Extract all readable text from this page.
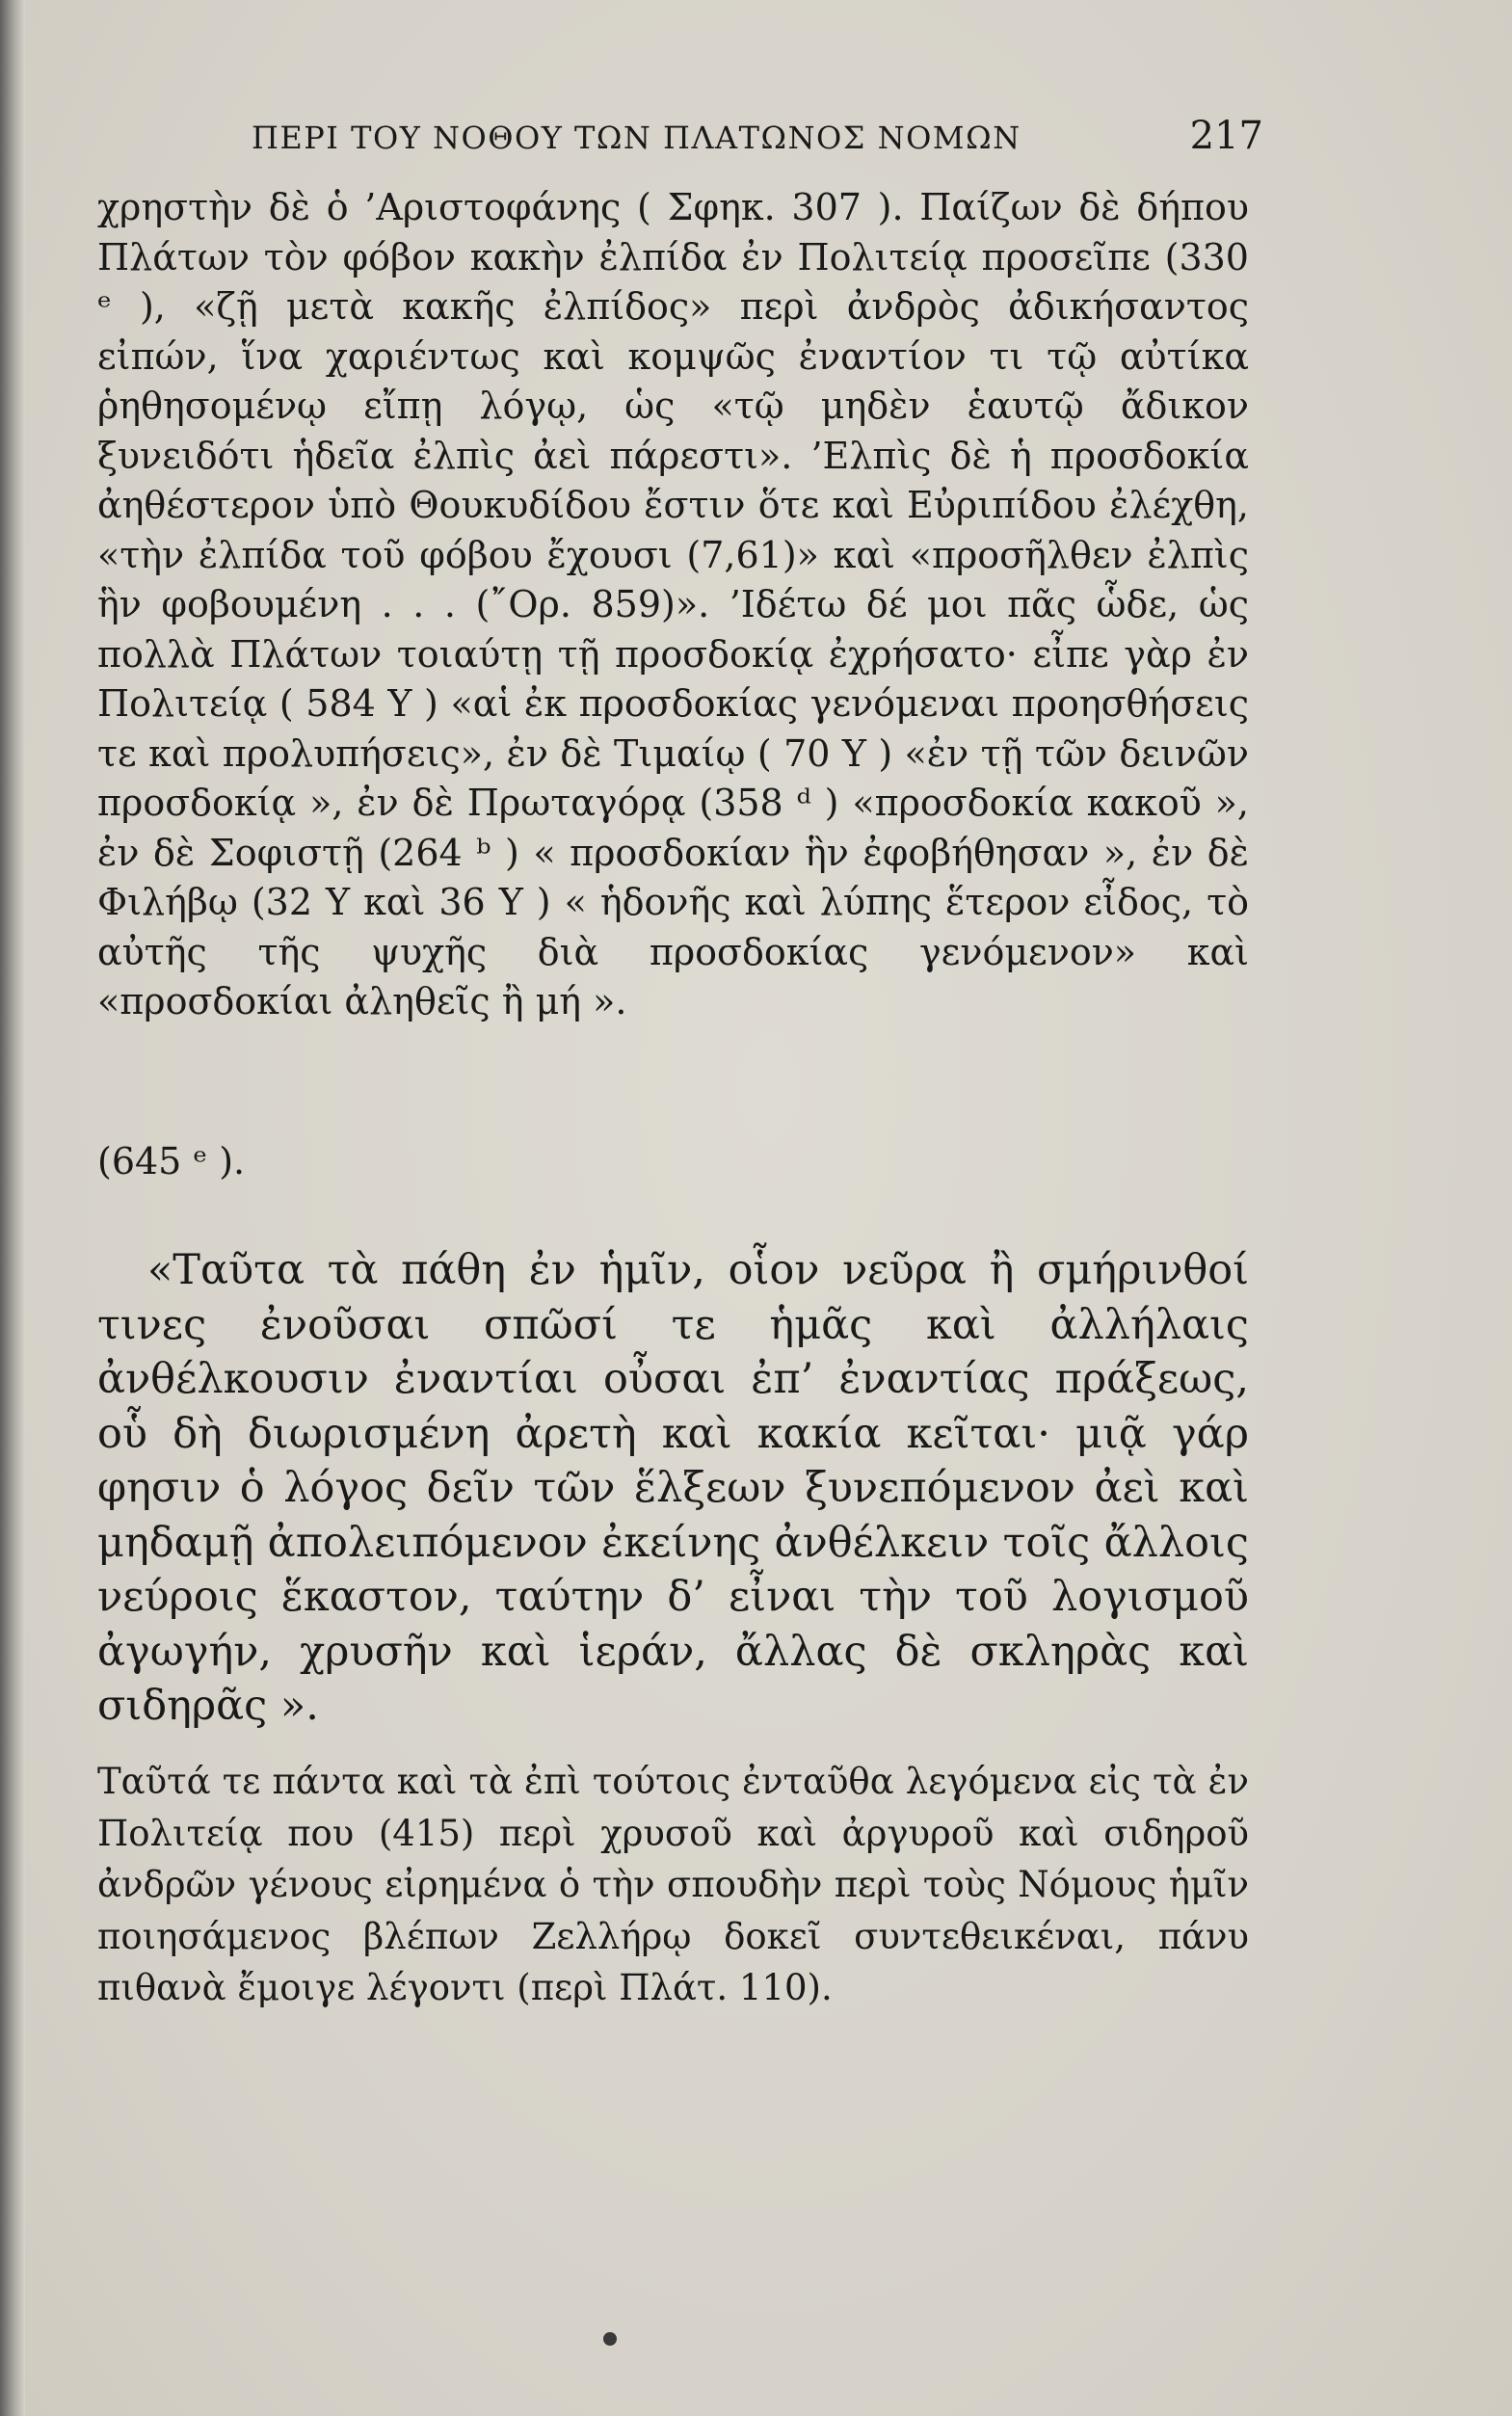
ΠΕΡΙ ΤΟΥ ΝΟΘΟΥ ΤΩΝ ΠΛΑΤΩΝΟΣ ΝΟΜΩΝ	217

χρηστὴν δὲ ὁ ’Αριστοφάνης ( Σφηκ. 307 ). Παίζων δὲ δήπου Πλάτων τὸν φόβον κακὴν ἐλπίδα ἐν Πολιτείᾳ προσεῖπε (330 ᵉ ), «ζῇ μετὰ κακῆς ἐλπίδος» περὶ ἀνδρὸς ἀδικήσαντος εἰπών, ἵνα χαριέντως καὶ κομψῶς ἐναντίον τι τῷ αὐτίκα ῥηθησομένῳ εἴπῃ λόγῳ, ὡς «τῷ μηδὲν ἑαυτῷ ἄδικον ξυνειδότι ἡδεῖα ἐλπὶς ἀεὶ πάρεστι». ’Ελπὶς δὲ ἡ προσδοκία ἀηθέστερον ὑπὸ Θουκυδίδου ἔστιν ὅτε καὶ Εὐριπίδου ἐλέχθη, «τὴν ἐλπίδα τοῦ φόβου ἔχουσι (7,61)» καὶ «προσῆλθεν ἐλπὶς ἣν φοβουμένη . . . (῎Ορ. 859)». ’Ιδέτω δέ μοι πᾶς ὧδε, ὡς πολλὰ Πλάτων τοιαύτῃ τῇ προσδοκίᾳ ἐχρήσατο· εἶπε γὰρ ἐν Πολιτείᾳ ( 584 Υ ) «αἱ ἐκ προσδοκίας γενόμεναι προησθήσεις τε καὶ προλυπήσεις», ἐν δὲ Τιμαίῳ ( 70 Υ ) «ἐν τῇ τῶν δεινῶν προσδοκίᾳ », ἐν δὲ Πρωταγόρᾳ (358 ᵈ ) «προσδοκία κακοῦ », ἐν δὲ Σοφιστῇ (264 ᵇ ) « προσδοκίαν ἣν ἐφοβήθησαν », ἐν δὲ Φιλήβῳ (32 Υ καὶ 36 Υ ) « ἡδονῆς καὶ λύπης ἕτερον εἶδος, τὸ αὐτῆς τῆς ψυχῆς διὰ προσδοκίας γενόμενον» καὶ «προσδοκίαι ἀληθεῖς ἢ μή ».

(645 ᵉ ).

«Ταῦτα τὰ πάθη ἐν ἡμῖν, οἷον νεῦρα ἢ σμήρινθοί τινες ἐνοῦσαι σπῶσί τε ἡμᾶς καὶ ἀλλήλαις ἀνθέλκουσιν ἐναντίαι οὖσαι ἐπ’ ἐναντίας πράξεως, οὗ δὴ διωρισμένη ἀρετὴ καὶ κακία κεῖται· μιᾷ γάρ φησιν ὁ λόγος δεῖν τῶν ἕλξεων ξυνεπόμενον ἀεὶ καὶ μηδαμῇ ἀπολειπόμενον ἐκείνης ἀνθέλκειν τοῖς ἄλλοις νεύροις ἕκαστον, ταύτην δ’ εἶναι τὴν τοῦ λογισμοῦ ἀγωγήν, χρυσῆν καὶ ἱεράν, ἄλλας δὲ σκληρὰς καὶ σιδηρᾶς ».

Ταῦτά τε πάντα καὶ τὰ ἐπὶ τούτοις ἐνταῦθα λεγόμενα εἰς τὰ ἐν Πολιτείᾳ που (415) περὶ χρυσοῦ καὶ ἀργυροῦ καὶ σιδηροῦ ἀνδρῶν γένους εἰρημένα ὁ τὴν σπουδὴν περὶ τοὺς Νόμους ἡμῖν ποιησάμενος βλέπων Ζελλήρῳ δοκεῖ συντεθεικέναι, πάνυ πιθανὰ ἔμοιγε λέγοντι (περὶ Πλάτ. 110).
